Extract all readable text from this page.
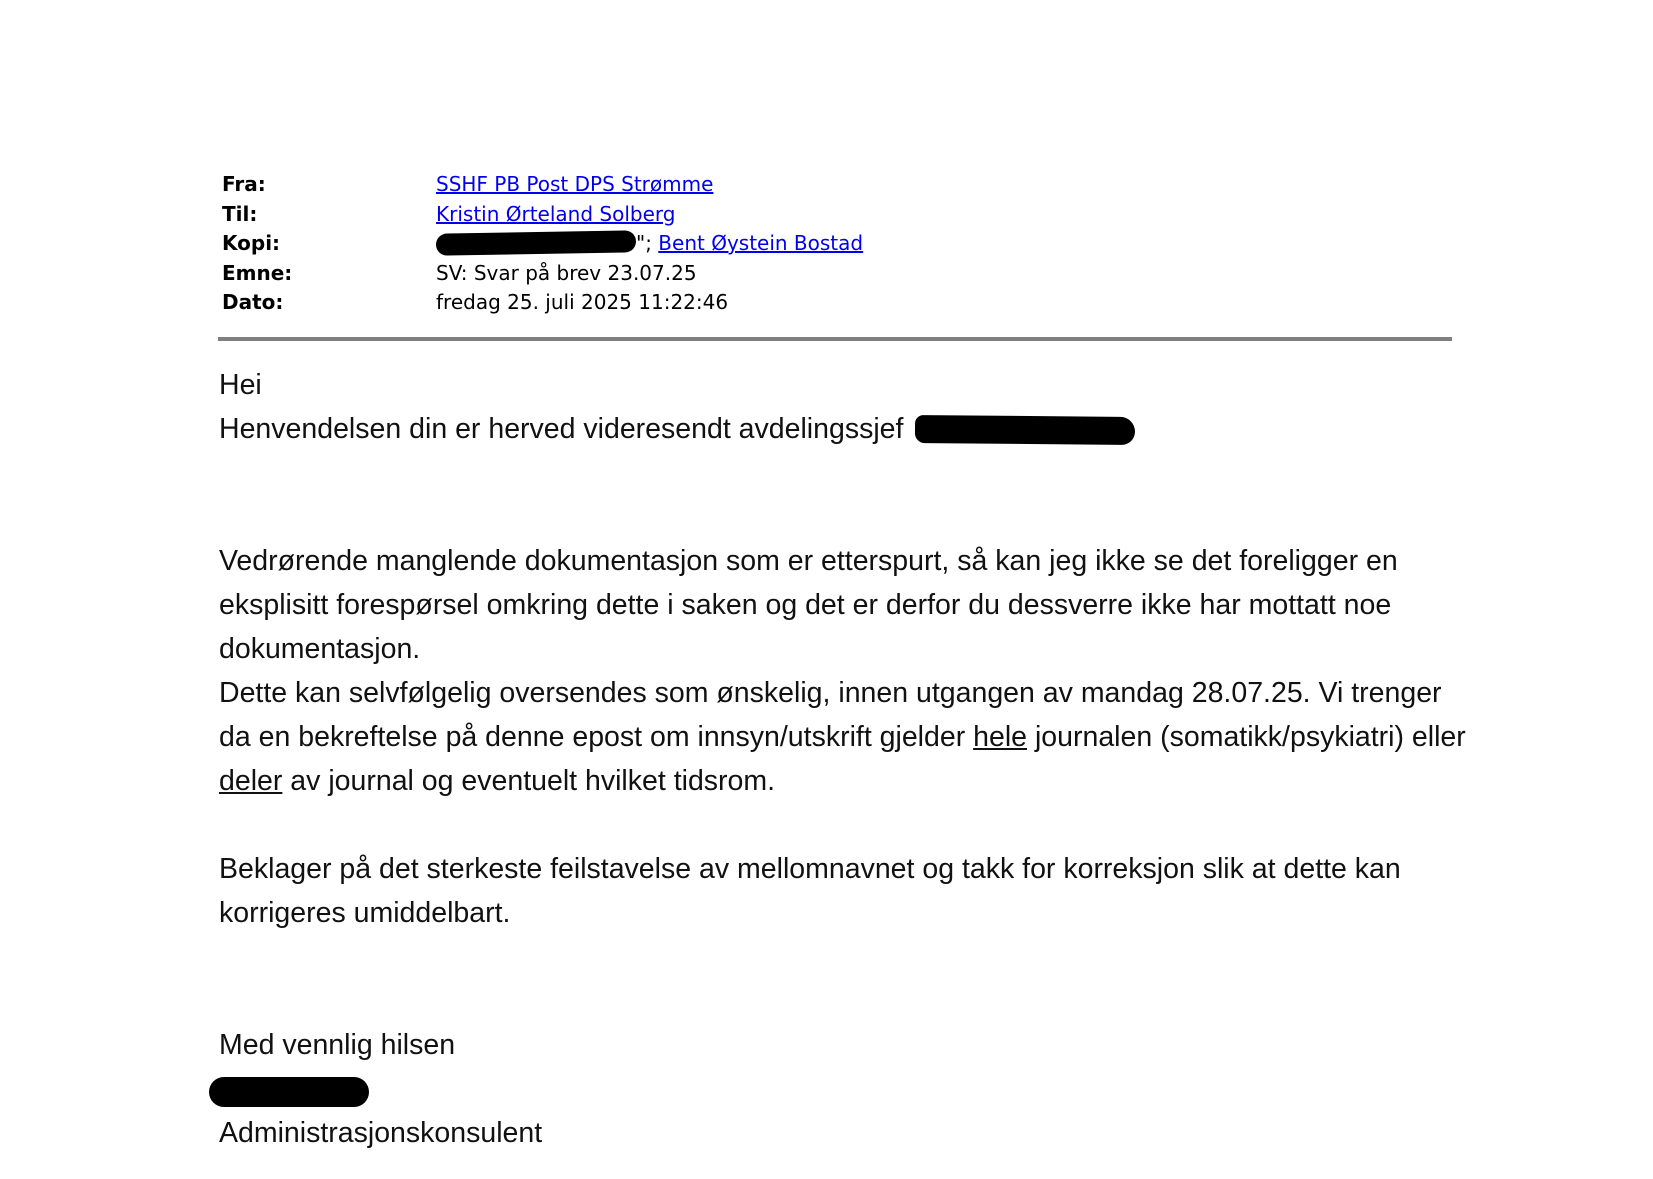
Fra:	SSHF PB Post DPS Strømme
Til:	Kristin Ørteland Solberg
Kopi:	"; Bent Øystein Bostad
Emne:	SV: Svar på brev 23.07.25
Dato:	fredag 25. juli 2025 11:22:46

Hei

Henvendelsen din er herved videresendt avdelingssjef

Vedrørende manglende dokumentasjon som er etterspurt, så kan jeg ikke se det foreligger en eksplisitt forespørsel omkring dette i saken og det er derfor du dessverre ikke har mottatt noe dokumentasjon.

Dette kan selvfølgelig oversendes som ønskelig, innen utgangen av mandag 28.07.25. Vi trenger da en bekreftelse på denne epost om innsyn/utskrift gjelder hele journalen (somatikk/psykiatri) eller deler av journal og eventuelt hvilket tidsrom.

Beklager på det sterkeste feilstavelse av mellomnavnet og takk for korreksjon slik at dette kan korrigeres umiddelbart.

Med vennlig hilsen

Administrasjonskonsulent
